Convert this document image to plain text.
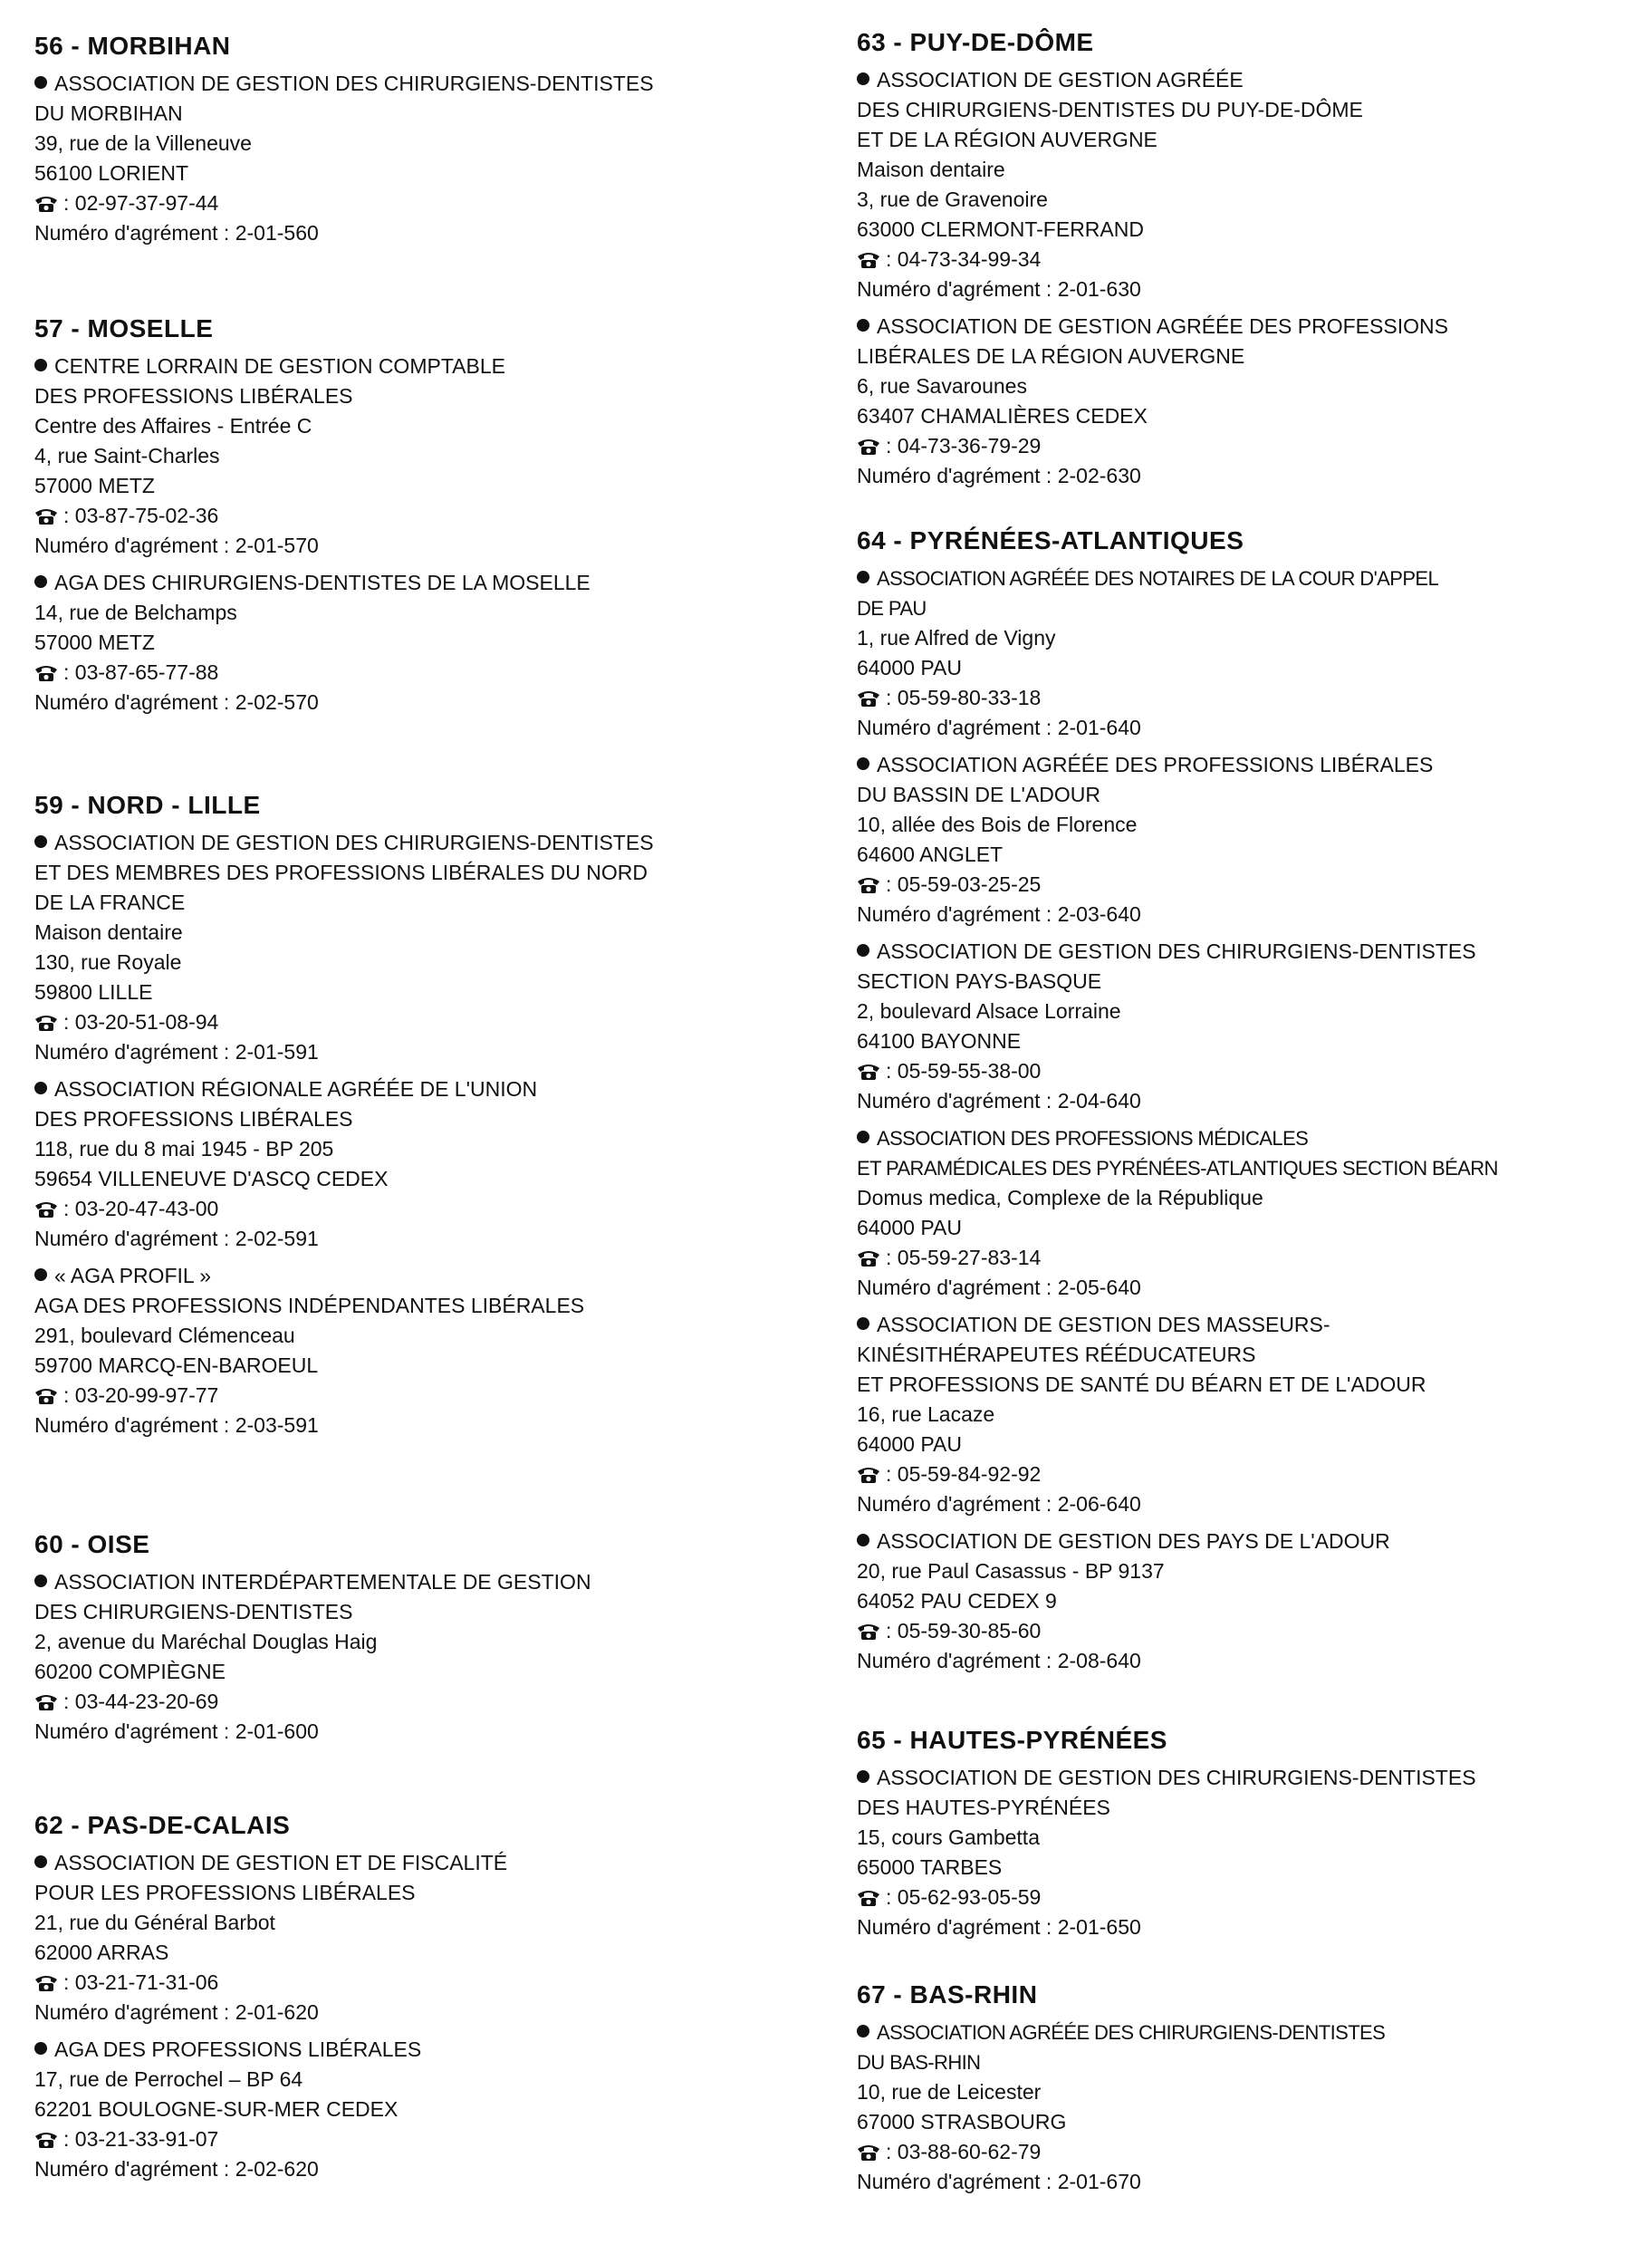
56 - MORBIHAN
ASSOCIATION DE GESTION DES CHIRURGIENS-DENTISTES
DU MORBIHAN
39, rue de la Villeneuve
56100 LORIENT
: 02-97-37-97-44
Numéro d'agrément : 2-01-560
57 - MOSELLE
CENTRE LORRAIN DE GESTION COMPTABLE
DES PROFESSIONS LIBÉRALES
Centre des Affaires - Entrée C
4, rue Saint-Charles
57000 METZ
: 03-87-75-02-36
Numéro d'agrément : 2-01-570
AGA DES CHIRURGIENS-DENTISTES DE LA MOSELLE
14, rue de Belchamps
57000 METZ
: 03-87-65-77-88
Numéro d'agrément : 2-02-570
59 - NORD - LILLE
ASSOCIATION DE GESTION DES CHIRURGIENS-DENTISTES
ET DES MEMBRES DES PROFESSIONS LIBÉRALES DU NORD
DE LA FRANCE
Maison dentaire
130, rue Royale
59800 LILLE
: 03-20-51-08-94
Numéro d'agrément : 2-01-591
ASSOCIATION RÉGIONALE AGRÉÉE DE L'UNION
DES PROFESSIONS LIBÉRALES
118, rue du 8 mai 1945 - BP 205
59654 VILLENEUVE D'ASCQ CEDEX
: 03-20-47-43-00
Numéro d'agrément : 2-02-591
« AGA PROFIL »
AGA DES PROFESSIONS INDÉPENDANTES LIBÉRALES
291, boulevard Clémenceau
59700 MARCQ-EN-BAROEUL
: 03-20-99-97-77
Numéro d'agrément : 2-03-591
60 - OISE
ASSOCIATION INTERDÉPARTEMENTALE DE GESTION
DES CHIRURGIENS-DENTISTES
2, avenue du Maréchal Douglas Haig
60200 COMPIÈGNE
: 03-44-23-20-69
Numéro d'agrément : 2-01-600
62 - PAS-DE-CALAIS
ASSOCIATION DE GESTION ET DE FISCALITÉ
POUR LES PROFESSIONS LIBÉRALES
21, rue du Général Barbot
62000 ARRAS
: 03-21-71-31-06
Numéro d'agrément : 2-01-620
AGA DES PROFESSIONS LIBÉRALES
17, rue de Perrochel – BP 64
62201 BOULOGNE-SUR-MER CEDEX
: 03-21-33-91-07
Numéro d'agrément : 2-02-620
63 - PUY-DE-DÔME
ASSOCIATION DE GESTION AGRÉÉE
DES CHIRURGIENS-DENTISTES DU PUY-DE-DÔME
ET DE LA RÉGION AUVERGNE
Maison dentaire
3, rue de Gravenoire
63000 CLERMONT-FERRAND
: 04-73-34-99-34
Numéro d'agrément : 2-01-630
ASSOCIATION DE GESTION AGRÉÉE DES PROFESSIONS
LIBÉRALES DE LA RÉGION AUVERGNE
6, rue Savarounes
63407 CHAMALIÈRES CEDEX
: 04-73-36-79-29
Numéro d'agrément : 2-02-630
64 - PYRÉNÉES-ATLANTIQUES
ASSOCIATION AGRÉÉE DES NOTAIRES DE LA COUR D'APPEL
DE PAU
1, rue Alfred de Vigny
64000 PAU
: 05-59-80-33-18
Numéro d'agrément : 2-01-640
ASSOCIATION AGRÉÉE DES PROFESSIONS LIBÉRALES
DU BASSIN DE L'ADOUR
10, allée des Bois de Florence
64600 ANGLET
: 05-59-03-25-25
Numéro d'agrément : 2-03-640
ASSOCIATION DE GESTION DES CHIRURGIENS-DENTISTES
SECTION PAYS-BASQUE
2, boulevard Alsace Lorraine
64100 BAYONNE
: 05-59-55-38-00
Numéro d'agrément : 2-04-640
ASSOCIATION DES PROFESSIONS MÉDICALES
ET PARAMÉDICALES DES PYRÉNÉES-ATLANTIQUES SECTION BÉARN
Domus medica, Complexe de la République
64000 PAU
: 05-59-27-83-14
Numéro d'agrément : 2-05-640
ASSOCIATION DE GESTION DES MASSEURS-
KINÉSITHÉRAPEUTES RÉÉDUCATEURS
ET PROFESSIONS DE SANTÉ DU BÉARN ET DE L'ADOUR
16, rue Lacaze
64000 PAU
: 05-59-84-92-92
Numéro d'agrément : 2-06-640
ASSOCIATION DE GESTION DES PAYS DE L'ADOUR
20, rue Paul Casassus - BP 9137
64052 PAU CEDEX 9
: 05-59-30-85-60
Numéro d'agrément : 2-08-640
65 - HAUTES-PYRÉNÉES
ASSOCIATION DE GESTION DES CHIRURGIENS-DENTISTES
DES HAUTES-PYRÉNÉES
15, cours Gambetta
65000 TARBES
: 05-62-93-05-59
Numéro d'agrément : 2-01-650
67 - BAS-RHIN
ASSOCIATION AGRÉÉE DES CHIRURGIENS-DENTISTES
DU BAS-RHIN
10, rue de Leicester
67000 STRASBOURG
: 03-88-60-62-79
Numéro d'agrément : 2-01-670
